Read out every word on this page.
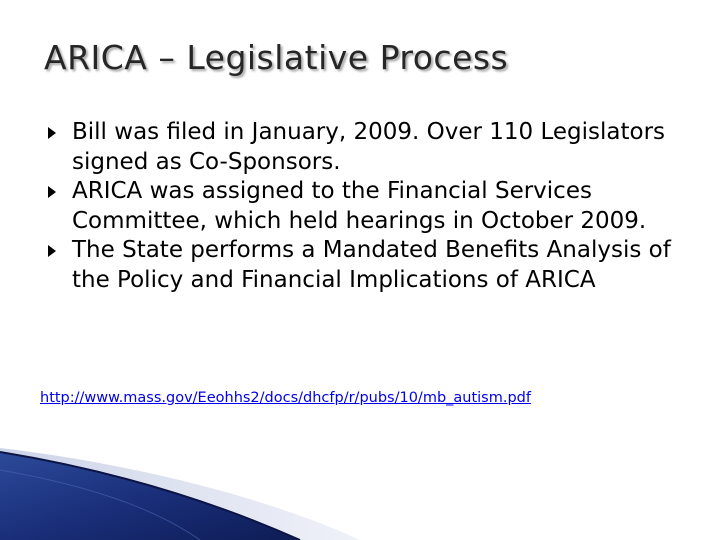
ARICA – Legislative Process
Bill was filed in January, 2009. Over 110 Legislators signed as Co-Sponsors.
ARICA was assigned to the Financial Services Committee, which held hearings in October 2009.
The State performs a Mandated Benefits Analysis of the Policy and Financial Implications of ARICA
http://www.mass.gov/Eeohhs2/docs/dhcfp/r/pubs/10/mb_autism.pdf
